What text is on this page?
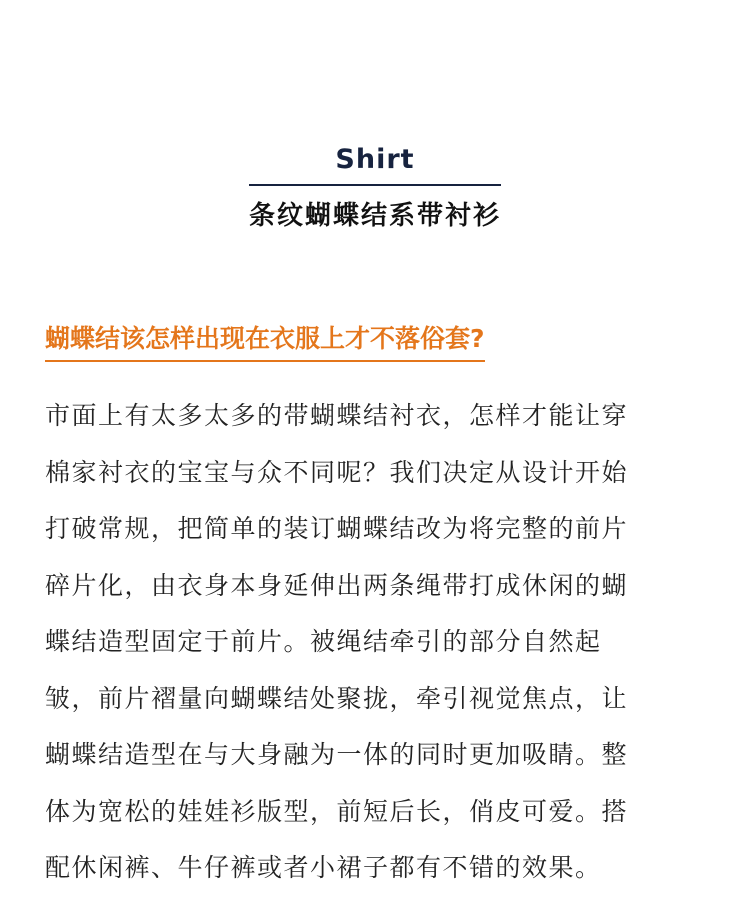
Shirt
条纹蝴蝶结系带衬衫
蝴蝶结该怎样出现在衣服上才不落俗套?
市面上有太多太多的带蝴蝶结衬衣，怎样才能让穿
棉家衬衣的宝宝与众不同呢？我们决定从设计开始
打破常规，把简单的装订蝴蝶结改为将完整的前片
碎片化，由衣身本身延伸出两条绳带打成休闲的蝴
蝶结造型固定于前片。被绳结牵引的部分自然起
皱，前片褶量向蝴蝶结处聚拢，牵引视觉焦点，让
蝴蝶结造型在与大身融为一体的同时更加吸睛。整
体为宽松的娃娃衫版型，前短后长，俏皮可爱。搭
配休闲裤、牛仔裤或者小裙子都有不错的效果。
